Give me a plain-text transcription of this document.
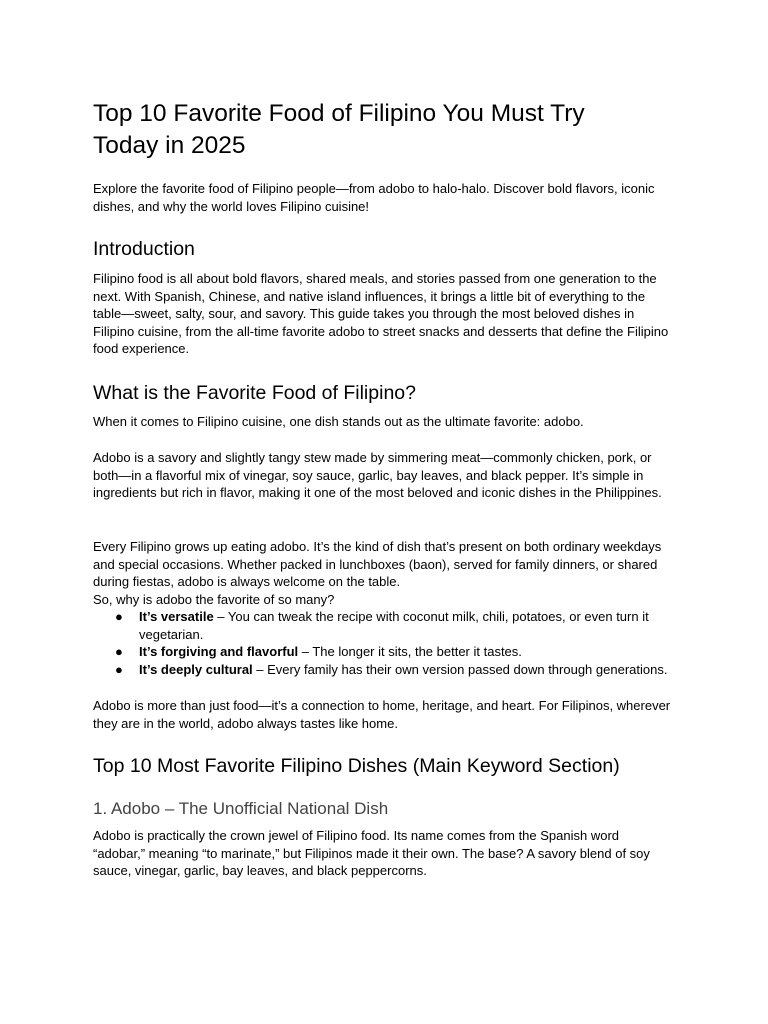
Top 10 Favorite Food of Filipino You Must Try Today in 2025

Explore the favorite food of Filipino people—from adobo to halo-halo. Discover bold flavors, iconic dishes, and why the world loves Filipino cuisine!

Introduction

Filipino food is all about bold flavors, shared meals, and stories passed from one generation to the next. With Spanish, Chinese, and native island influences, it brings a little bit of everything to the table—sweet, salty, sour, and savory. This guide takes you through the most beloved dishes in Filipino cuisine, from the all-time favorite adobo to street snacks and desserts that define the Filipino food experience.

What is the Favorite Food of Filipino?

When it comes to Filipino cuisine, one dish stands out as the ultimate favorite: adobo.

Adobo is a savory and slightly tangy stew made by simmering meat—commonly chicken, pork, or both—in a flavorful mix of vinegar, soy sauce, garlic, bay leaves, and black pepper. It’s simple in ingredients but rich in flavor, making it one of the most beloved and iconic dishes in the Philippines.

Every Filipino grows up eating adobo. It’s the kind of dish that’s present on both ordinary weekdays and special occasions. Whether packed in lunchboxes (baon), served for family dinners, or shared during fiestas, adobo is always welcome on the table.

So, why is adobo the favorite of so many?

● It’s versatile – You can tweak the recipe with coconut milk, chili, potatoes, or even turn it vegetarian.
● It’s forgiving and flavorful – The longer it sits, the better it tastes.
● It’s deeply cultural – Every family has their own version passed down through generations.

Adobo is more than just food—it’s a connection to home, heritage, and heart. For Filipinos, wherever they are in the world, adobo always tastes like home.

Top 10 Most Favorite Filipino Dishes (Main Keyword Section)
1. Adobo – The Unofficial National Dish

Adobo is practically the crown jewel of Filipino food. Its name comes from the Spanish word “adobar,” meaning “to marinate,” but Filipinos made it their own. The base? A savory blend of soy sauce, vinegar, garlic, bay leaves, and black peppercorns.
